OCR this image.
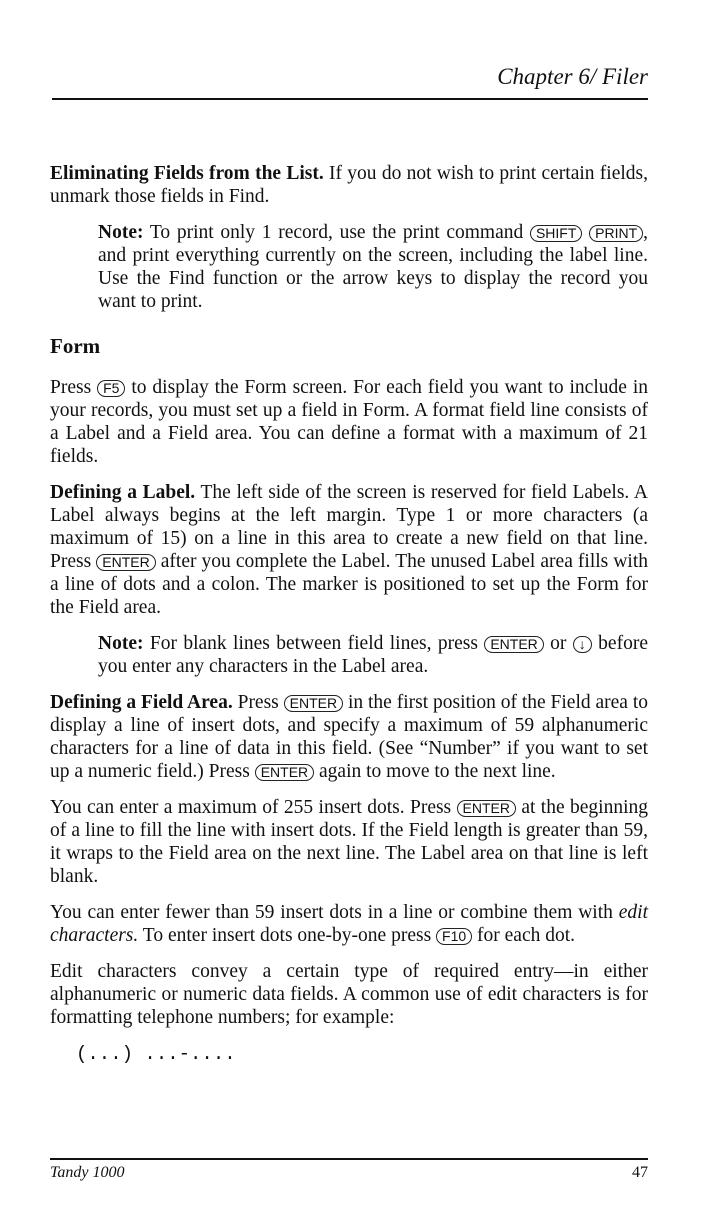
Chapter 6/ Filer

Eliminating Fields from the List. If you do not wish to print certain fields, unmark those fields in Find.

Note: To print only 1 record, use the print command SHIFT PRINT , and print everything currently on the screen, including the label line. Use the Find function or the arrow keys to display the record you want to print.

Form

Press F5 to display the Form screen. For each field you want to include in your records, you must set up a field in Form. A format field line consists of a Label and a Field area. You can define a format with a maximum of 21 fields.

Defining a Label. The left side of the screen is reserved for field Labels. A Label always begins at the left margin. Type 1 or more characters (a maximum of 15) on a line in this area to create a new field on that line. Press ENTER after you complete the Label. The unused Label area fills with a line of dots and a colon. The marker is positioned to set up the Form for the Field area.

Note: For blank lines between field lines, press ENTER or ↓ before you enter any characters in the Label area.

Defining a Field Area. Press ENTER in the first position of the Field area to display a line of insert dots, and specify a maximum of 59 alphanumeric characters for a line of data in this field. (See “Number” if you want to set up a numeric field.) Press ENTER again to move to the next line.

You can enter a maximum of 255 insert dots. Press ENTER at the beginning of a line to fill the line with insert dots. If the Field length is greater than 59, it wraps to the Field area on the next line. The Label area on that line is left blank.

You can enter fewer than 59 insert dots in a line or combine them with edit characters. To enter insert dots one-by-one press F10 for each dot.

Edit characters convey a certain type of required entry—in either alphanumeric or numeric data fields. A common use of edit characters is for formatting telephone numbers; for example:

(...) ...-....
Tandy 1000	47
